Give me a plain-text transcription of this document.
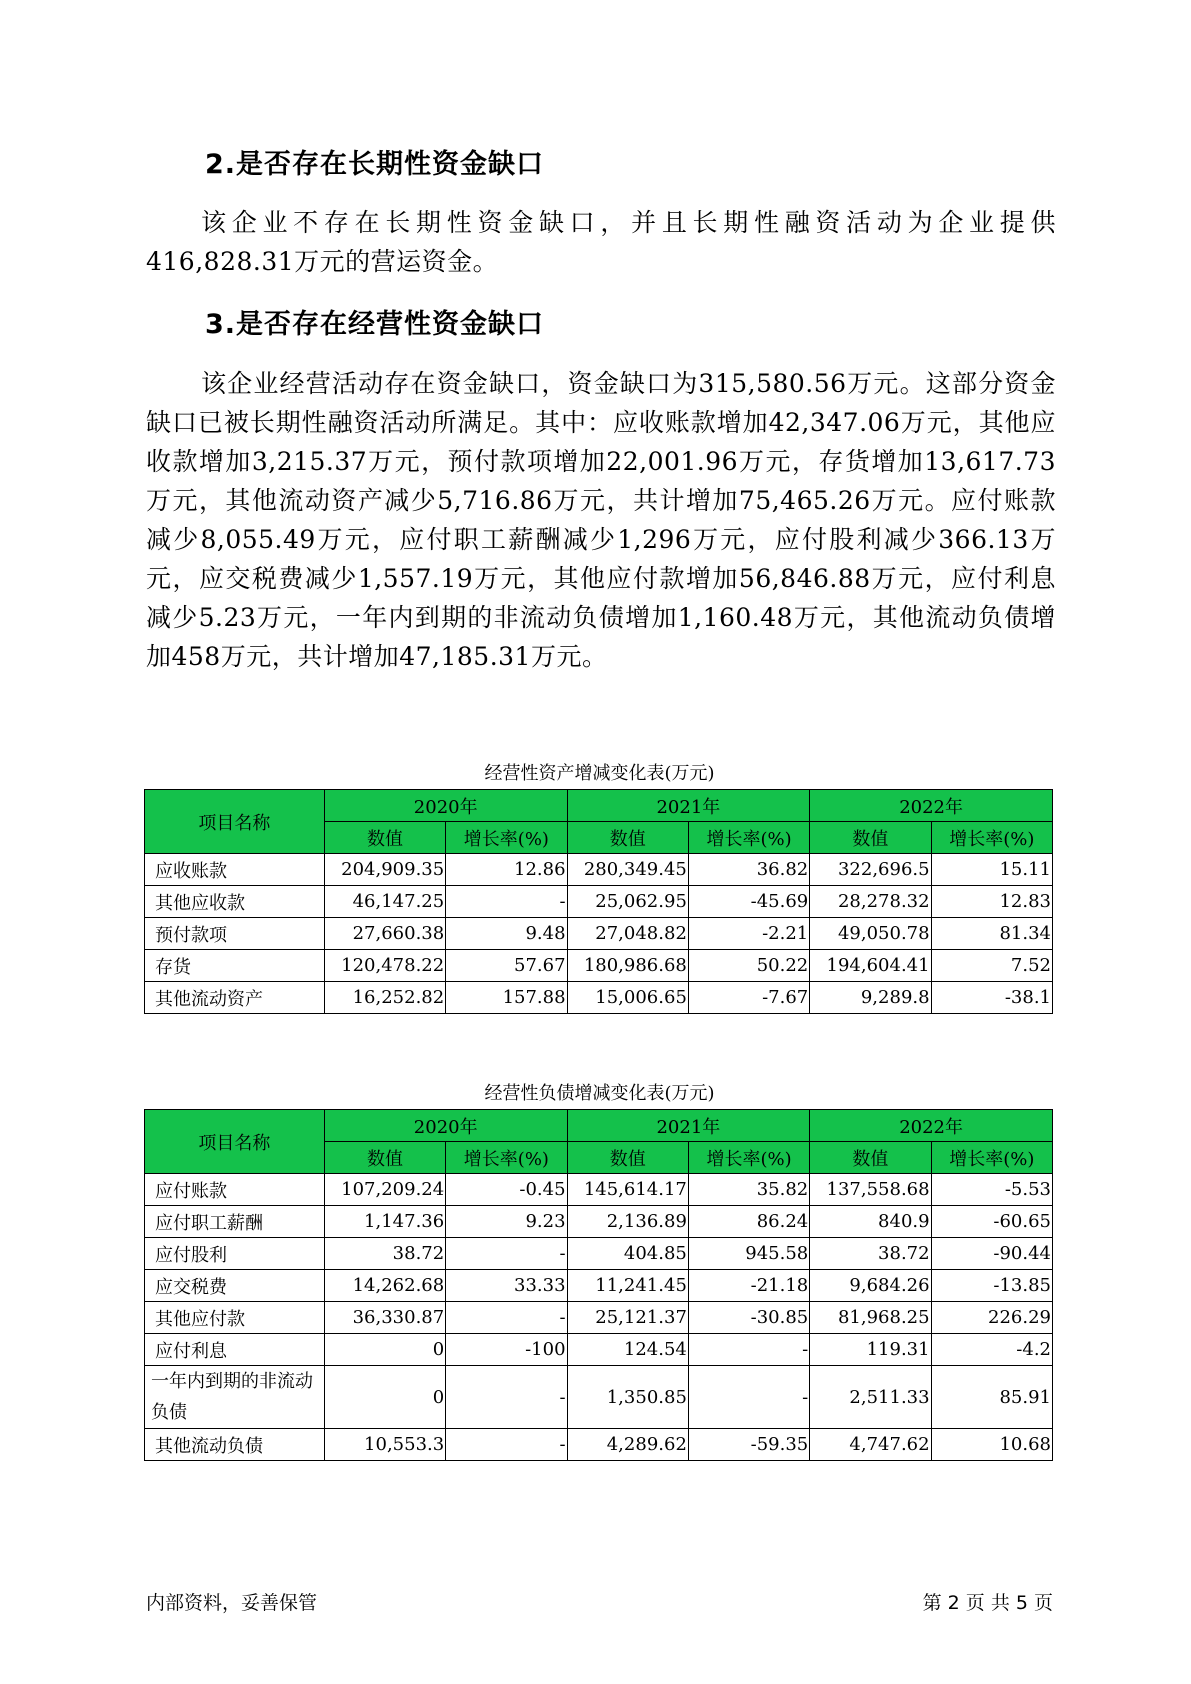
2.是否存在长期性资金缺口

该企业不存在长期性资金缺口，并且长期性融资活动为企业提供416,828.31万元的营运资金。

3.是否存在经营性资金缺口

该企业经营活动存在资金缺口，资金缺口为315,580.56万元。这部分资金缺口已被长期性融资活动所满足。其中：应收账款增加42,347.06万元，其他应收款增加3,215.37万元，预付款项增加22,001.96万元，存货增加13,617.73万元，其他流动资产减少5,716.86万元，共计增加75,465.26万元。应付账款减少8,055.49万元，应付职工薪酬减少1,296万元，应付股利减少366.13万元，应交税费减少1,557.19万元，其他应付款增加56,846.88万元，应付利息减少5.23万元，一年内到期的非流动负债增加1,160.48万元，其他流动负债增加458万元，共计增加47,185.31万元。

经营性资产增减变化表(万元)

项目名称	2020年		2021年		2022年	
	数值	增长率(%)	数值	增长率(%)	数值	增长率(%)
应收账款	204,909.35	12.86	280,349.45	36.82	322,696.5	15.11
其他应收款	46,147.25	-	25,062.95	-45.69	28,278.32	12.83
预付款项	27,660.38	9.48	27,048.82	-2.21	49,050.78	81.34
存货	120,478.22	57.67	180,986.68	50.22	194,604.41	7.52
其他流动资产	16,252.82	157.88	15,006.65	-7.67	9,289.8	-38.1

经营性负债增减变化表(万元)

项目名称	2020年		2021年		2022年	
	数值	增长率(%)	数值	增长率(%)	数值	增长率(%)
应付账款	107,209.24	-0.45	145,614.17	35.82	137,558.68	-5.53
应付职工薪酬	1,147.36	9.23	2,136.89	86.24	840.9	-60.65
应付股利	38.72	-	404.85	945.58	38.72	-90.44
应交税费	14,262.68	33.33	11,241.45	-21.18	9,684.26	-13.85
其他应付款	36,330.87	-	25,121.37	-30.85	81,968.25	226.29
应付利息	0	-100	124.54	-	119.31	-4.2
一年内到期的非流动负债	0	-	1,350.85	-	2,511.33	85.91
其他流动负债	10,553.3	-	4,289.62	-59.35	4,747.62	10.68

内部资料，妥善保管	第 2 页 共 5 页
